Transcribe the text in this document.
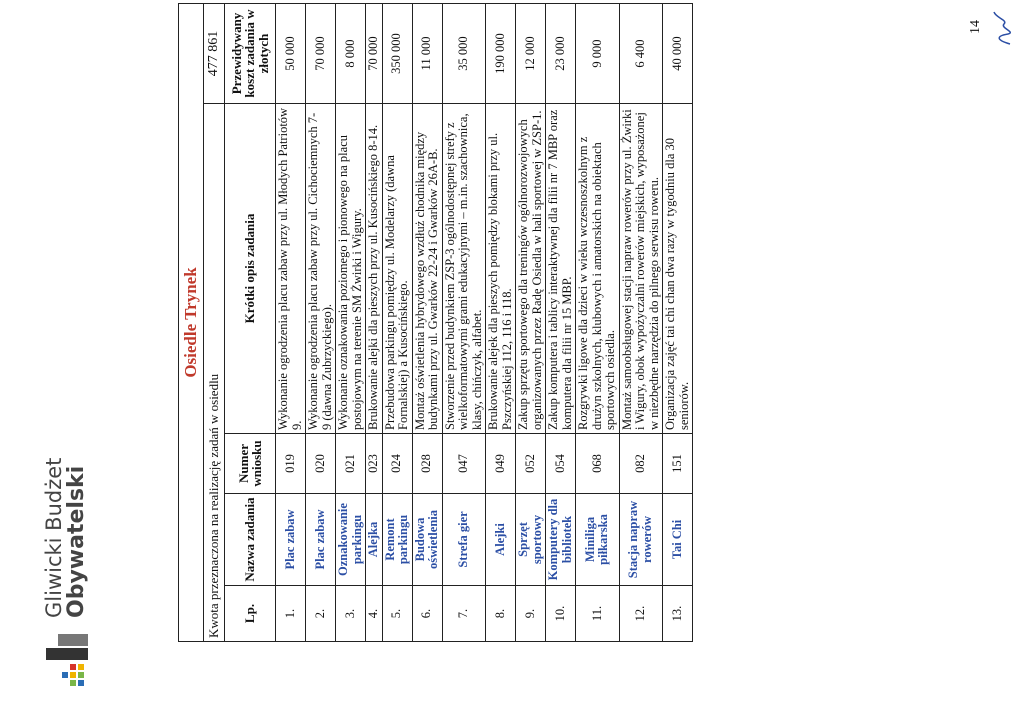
Gliwicki Budżet
Obywatelski
Osiedle Trynek				
Kwota przeznaczona na realizację zadań w osiedlu				477 861
Lp.	Nazwa zadania	Numer wniosku	Krótki opis zadania	Przewidywany koszt zadania w złotych
1.	Plac zabaw	019	Wykonanie ogrodzenia placu zabaw przy ul. Młodych Patriotów 9.	50 000
2.	Plac zabaw	020	Wykonanie ogrodzenia placu zabaw przy ul. Cichociemnych 7-9 (dawna Zubrzyckiego).	70 000
3.	Oznakowanie parkingu	021	Wykonanie oznakowania poziomego i pionowego na placu postojowym na terenie SM Żwirki i Wigury.	8 000
4.	Alejka	023	Brukowanie alejki dla pieszych przy ul. Kusocińskiego 8-14.	70 000
5.	Remont parkingu	024	Przebudowa parkingu pomiędzy ul. Modelarzy (dawna Fornalskiej) a Kusocińskiego.	350 000
6.	Budowa oświetlenia	028	Montaż oświetlenia hybrydowego wzdłuż chodnika między budynkami przy ul. Gwarków 22-24 i Gwarków 26A-B.	11 000
7.	Strefa gier	047	Stworzenie przed budynkiem ZSP-3 ogólnodostępnej strefy z wielkoformatowymi grami edukacyjnymi – m.in. szachownica, klasy, chińczyk, alfabet.	35 000
8.	Alejki	049	Brukowanie alejek dla pieszych pomiędzy blokami przy ul. Pszczyńskiej 112, 116 i 118.	190 000
9.	Sprzęt sportowy	052	Zakup sprzętu sportowego dla treningów ogólnorozwojowych organizowanych przez Radę Osiedla w hali sportowej w ZSP-1.	12 000
10.	Komputery dla bibliotek	054	Zakup komputera i tablicy interaktywnej dla filii nr 7 MBP oraz komputera dla filii nr 15 MBP.	23 000
11.	Miniliga piłkarska	068	Rozgrywki ligowe dla dzieci w wieku wczesnoszkolnym z drużyn szkolnych, klubowych i amatorskich na obiektach sportowych osiedla.	9 000
12.	Stacja napraw rowerów	082	Montaż samoobsługowej stacji napraw rowerów przy ul. Żwirki i Wigury, obok wypożyczalni rowerów miejskich, wyposażonej w niezbędne narzędzia do pilnego serwisu roweru.	6 400
13.	Tai Chi	151	Organizacja zajęć tai chi chan dwa razy w tygodniu dla 30 seniorów.	40 000
14
